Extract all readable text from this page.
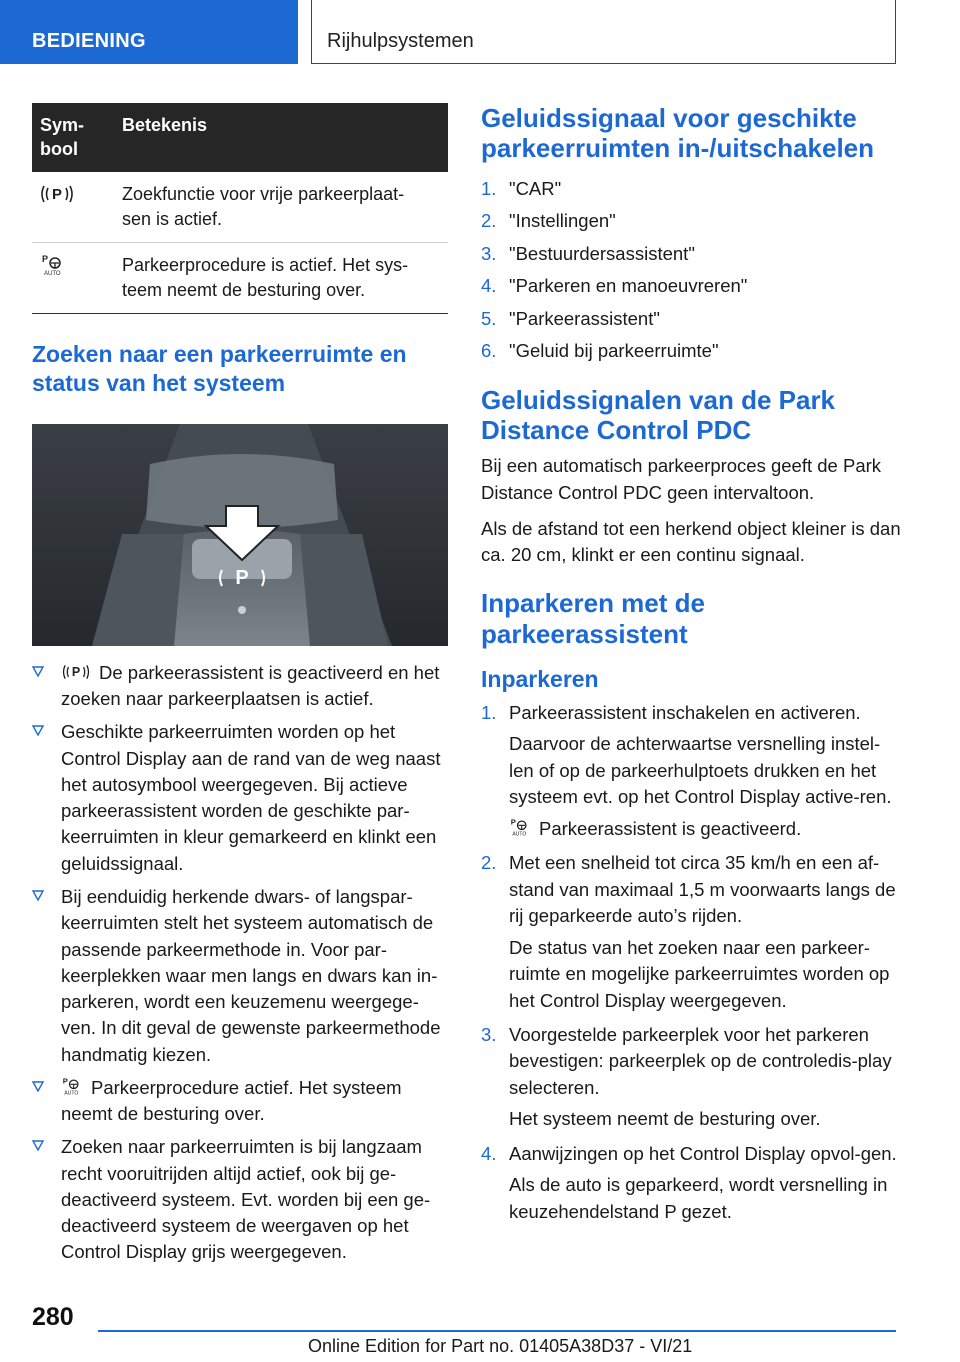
BEDIENING	Rijhulpsystemen
Sym-
bool	Betekenis

P	Zoekfunctie voor vrije parkeerplaat-
sen is actief.

P
AUTO	Parkeerprocedure is actief. Het sys-
teem neemt de besturing over.
Zoeken naar een parkeerruimte en status van het systeem
P
P De parkeerassistent is geactiveerd en het zoeken naar parkeerplaatsen is actief.
Geschikte parkeerruimten worden op het Control Display aan de rand van de weg naast het autosymbool weergegeven. Bij actieve parkeerassistent worden de geschikte par-keerruimten in kleur gemarkeerd en klinkt een geluidssignaal.
Bij eenduidig herkende dwars- of langspar-keerruimten stelt het systeem automatisch de passende parkeermethode in. Voor par-keerplekken waar men langs en dwars kan in-parkeren, wordt een keuzemenu weergege-ven. In dit geval de gewenste parkeermethode handmatig kiezen.
P
AUTO Parkeerprocedure actief. Het systeem neemt de besturing over.
Zoeken naar parkeerruimten is bij langzaam recht vooruitrijden altijd actief, ook bij ge-deactiveerd systeem. Evt. worden bij een ge-deactiveerd systeem de weergaven op het Control Display grijs weergegeven.
Geluidssignaal voor geschikte parkeerruimten in-/uitschakelen
1. "CAR"
2. "Instellingen"
3. "Bestuurdersassistent"
4. "Parkeren en manoeuvreren"
5. "Parkeerassistent"
6. "Geluid bij parkeerruimte"
Geluidssignalen van de Park Distance Control PDC

Bij een automatisch parkeerproces geeft de Park Distance Control PDC geen intervaltoon.

Als de afstand tot een herkend object kleiner is dan ca. 20 cm, klinkt er een continu signaal.

Inparkeren met de parkeerassistent
Inparkeren
1. Parkeerassistent inschakelen en activeren.
Daarvoor de achterwaartse versnelling instel-len of op de parkeerhulptoets drukken en het systeem evt. op het Control Display active-ren.
P
AUTO Parkeerassistent is geactiveerd.
2. Met een snelheid tot circa 35 km/h en een af-stand van maximaal 1,5 m voorwaarts langs de rij geparkeerde auto’s rijden.
De status van het zoeken naar een parkeer-ruimte en mogelijke parkeerruimtes worden op het Control Display weergegeven.
3. Voorgestelde parkeerplek voor het parkeren bevestigen: parkeerplek op de controledis-play selecteren.
Het systeem neemt de besturing over.
4. Aanwijzingen op het Control Display opvol-gen.
Als de auto is geparkeerd, wordt versnelling in keuzehendelstand P gezet.
280
Online Edition for Part no. 01405A38D37 - VI/21
